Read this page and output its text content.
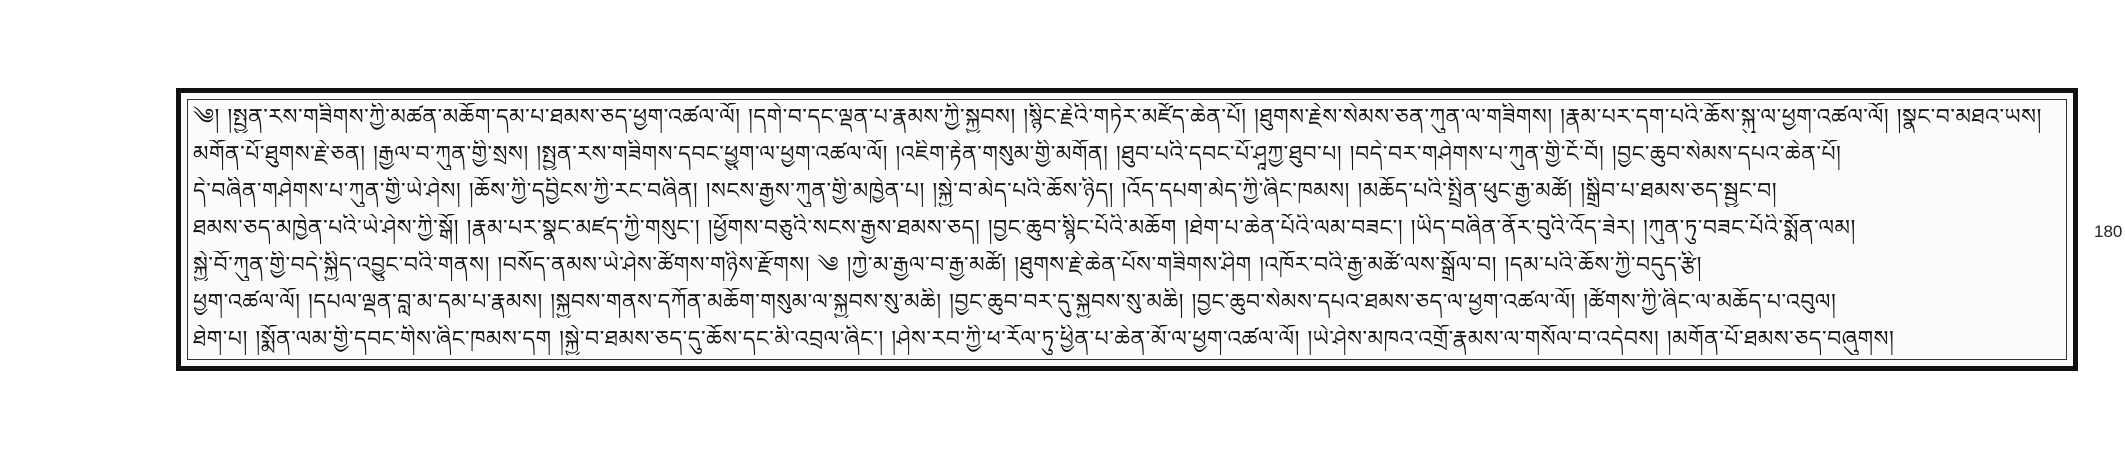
༄། །སྤྱན་རས་གཟིགས་ཀྱི་མཚན་མཆོག་དམ་པ་ཐམས་ཅད་ཕྱག་འཚལ་ལོ། །དགེ་བ་དང་ལྡན་པ་རྣམས་ཀྱི་སྐྱབས། །སྙིང་རྗེའི་གཏེར་མཛོད་ཆེན་པོ། །ཐུགས་རྗེས་སེམས་ཅན་ཀུན་ལ་གཟིགས། །རྣམ་པར་དག་པའི་ཆོས་སྐུ་ལ་ཕྱག་འཚལ་ལོ། །སྣང་བ་མཐའ་ཡས།
མགོན་པོ་ཐུགས་རྗེ་ཅན། །རྒྱལ་བ་ཀུན་གྱི་སྲས། །སྤྱན་རས་གཟིགས་དབང་ཕྱུག་ལ་ཕྱག་འཚལ་ལོ། །འཇིག་རྟེན་གསུམ་གྱི་མགོན། །ཐུབ་པའི་དབང་པོ་ཤཱཀྱ་ཐུབ་པ། །བདེ་བར་གཤེགས་པ་ཀུན་གྱི་ངོ་བོ། །བྱང་ཆུབ་སེམས་དཔའ་ཆེན་པོ།
དེ་བཞིན་གཤེགས་པ་ཀུན་གྱི་ཡེ་ཤེས། །ཆོས་ཀྱི་དབྱིངས་ཀྱི་རང་བཞིན། །སངས་རྒྱས་ཀུན་གྱི་མཁྱེན་པ། །སྐྱེ་བ་མེད་པའི་ཆོས་ཉིད། །འོད་དཔག་མེད་ཀྱི་ཞིང་ཁམས། །མཆོད་པའི་སྤྲིན་ཕུང་རྒྱ་མཚོ། །སྒྲིབ་པ་ཐམས་ཅད་སྦྱང་བ།
ཐམས་ཅད་མཁྱེན་པའི་ཡེ་ཤེས་ཀྱི་སྒོ། །རྣམ་པར་སྣང་མཛད་ཀྱི་གསུང་། །ཕྱོགས་བཅུའི་སངས་རྒྱས་ཐམས་ཅད། །བྱང་ཆུབ་སྙིང་པོའི་མཆོག །ཐེག་པ་ཆེན་པོའི་ལམ་བཟང་། །ཡིད་བཞིན་ནོར་བུའི་འོད་ཟེར། །ཀུན་ཏུ་བཟང་པོའི་སྨོན་ལམ།
སྐྱེ་བོ་ཀུན་གྱི་བདེ་སྐྱིད་འབྱུང་བའི་གནས། །བསོད་ནམས་ཡེ་ཤེས་ཚོགས་གཉིས་རྫོགས། ༄ །ཀྱེ་མ་རྒྱལ་བ་རྒྱ་མཚོ། །ཐུགས་རྗེ་ཆེན་པོས་གཟིགས་ཤིག །འཁོར་བའི་རྒྱ་མཚོ་ལས་སྒྲོལ་བ། །དམ་པའི་ཆོས་ཀྱི་བདུད་རྩི།
ཕྱག་འཚལ་ལོ། །དཔལ་ལྡན་བླ་མ་དམ་པ་རྣམས། །སྐྱབས་གནས་དཀོན་མཆོག་གསུམ་ལ་སྐྱབས་སུ་མཆི། །བྱང་ཆུབ་བར་དུ་སྐྱབས་སུ་མཆི། །བྱང་ཆུབ་སེམས་དཔའ་ཐམས་ཅད་ལ་ཕྱག་འཚལ་ལོ། །ཚོགས་ཀྱི་ཞིང་ལ་མཆོད་པ་འབུལ།
ཐེག་པ། །སྨོན་ལམ་གྱི་དབང་གིས་ཞིང་ཁམས་དག །སྐྱེ་བ་ཐམས་ཅད་དུ་ཆོས་དང་མི་འབྲལ་ཞིང་། །ཤེས་རབ་ཀྱི་ཕ་རོལ་ཏུ་ཕྱིན་པ་ཆེན་མོ་ལ་ཕྱག་འཚལ་ལོ། །ཡེ་ཤེས་མཁའ་འགྲོ་རྣམས་ལ་གསོལ་བ་འདེབས། །མགོན་པོ་ཐམས་ཅད་བཞུགས།
180
